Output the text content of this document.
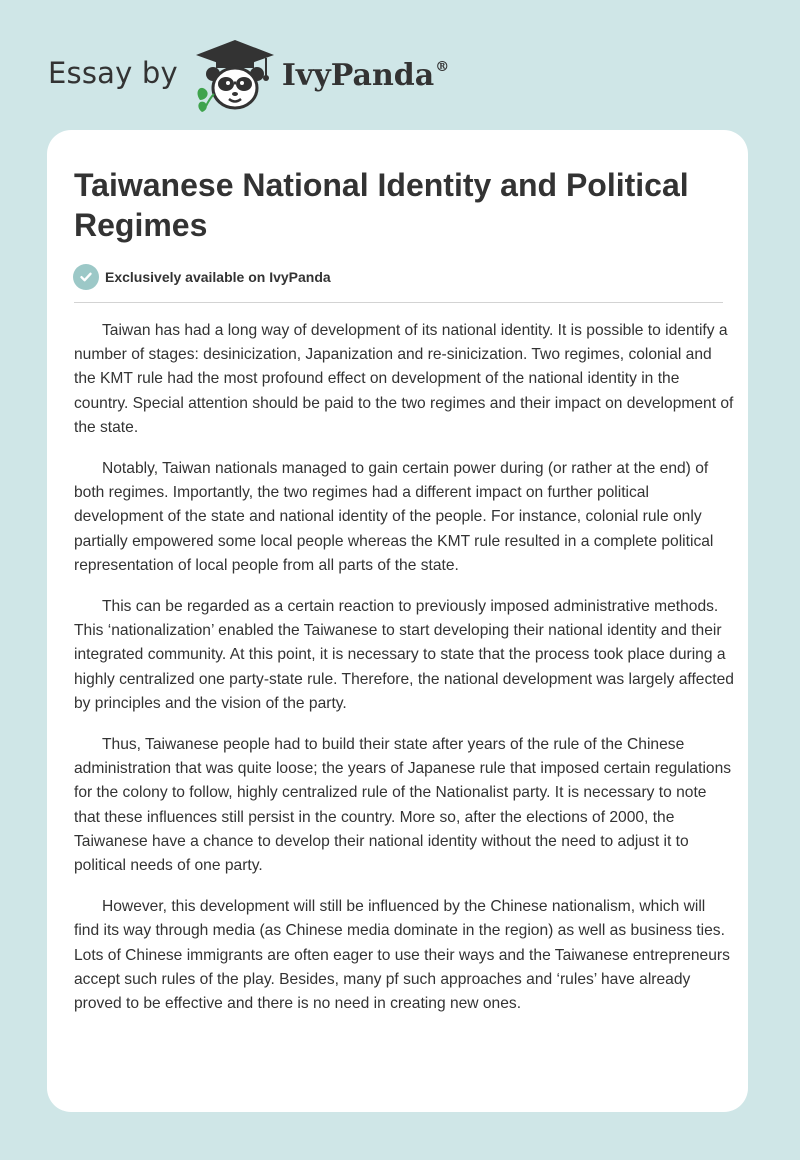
Essay by	IvyPanda®
Taiwanese National Identity and Political Regimes
Exclusively available on IvyPanda

Taiwan has had a long way of development of its national identity. It is possible to identify a number of stages: desinicization, Japanization and re-sinicization. Two regimes, colonial and the KMT rule had the most profound effect on development of the national identity in the country. Special attention should be paid to the two regimes and their impact on development of the state.

Notably, Taiwan nationals managed to gain certain power during (or rather at the end) of both regimes. Importantly, the two regimes had a different impact on further political development of the state and national identity of the people. For instance, colonial rule only partially empowered some local people whereas the KMT rule resulted in a complete political representation of local people from all parts of the state.

This can be regarded as a certain reaction to previously imposed administrative methods. This ‘nationalization’ enabled the Taiwanese to start developing their national identity and their integrated community. At this point, it is necessary to state that the process took place during a highly centralized one party-state rule. Therefore, the national development was largely affected by principles and the vision of the party.

Thus, Taiwanese people had to build their state after years of the rule of the Chinese administration that was quite loose; the years of Japanese rule that imposed certain regulations for the colony to follow, highly centralized rule of the Nationalist party. It is necessary to note that these influences still persist in the country. More so, after the elections of 2000, the Taiwanese have a chance to develop their national identity without the need to adjust it to political needs of one party.

However, this development will still be influenced by the Chinese nationalism, which will find its way through media (as Chinese media dominate in the region) as well as business ties. Lots of Chinese immigrants are often eager to use their ways and the Taiwanese entrepreneurs accept such rules of the play. Besides, many pf such approaches and ‘rules’ have already proved to be effective and there is no need in creating new ones.
